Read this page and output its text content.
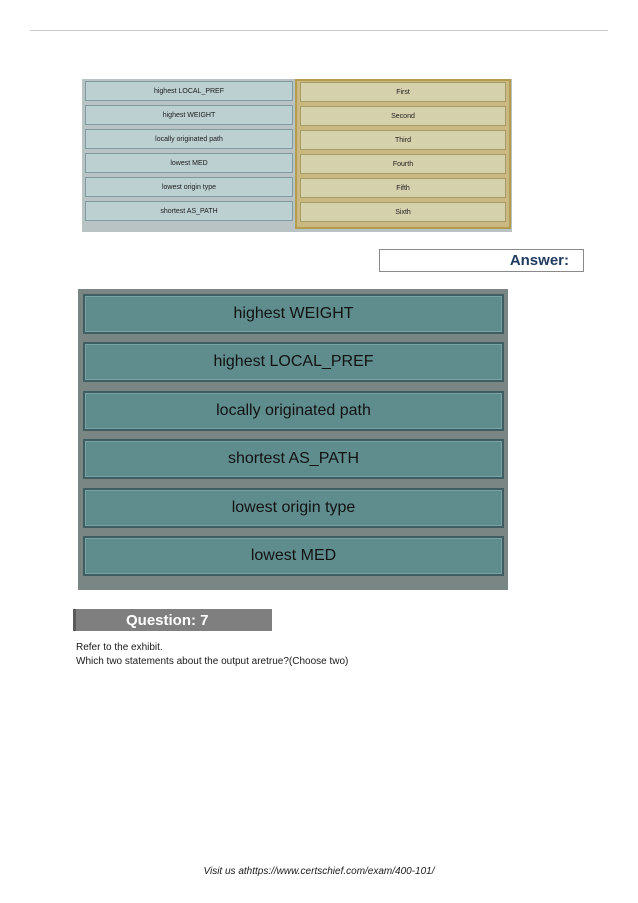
highest LOCAL_PREF
highest WEIGHT
locally originated path
lowest MED
lowest origin type
shortest AS_PATH
First
Second
Third
Fourth
Fifth
Sixth
Answer:
highest WEIGHT
highest LOCAL_PREF
locally originated path
shortest AS_PATH
lowest origin type
lowest MED
Question: 7
Refer to the exhibit.
Which two statements about the output aretrue?(Choose two)
Visit us athttps://www.certschief.com/exam/400-101/
